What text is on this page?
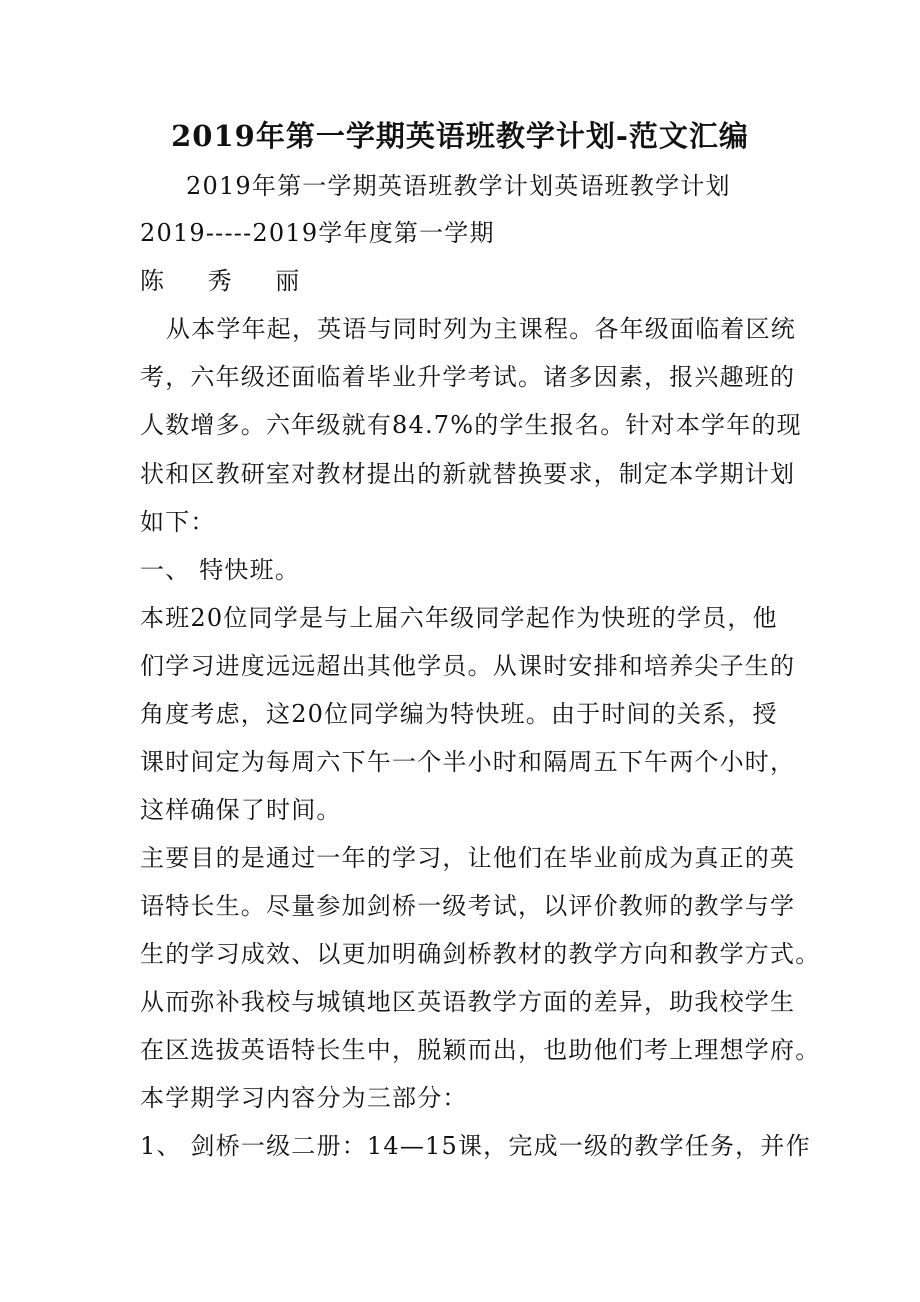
2019年第一学期英语班教学计划-范文汇编
2019年第一学期英语班教学计划英语班教学计划
2019-----2019学年度第一学期
陈 秀 丽
从本学年起，英语与同时列为主课程。各年级面临着区统
考，六年级还面临着毕业升学考试。诸多因素，报兴趣班的
人数增多。六年级就有84.7%的学生报名。针对本学年的现
状和区教研室对教材提出的新就替换要求，制定本学期计划
如下：
一、 特快班。
本班20位同学是与上届六年级同学起作为快班的学员，他
们学习进度远远超出其他学员。从课时安排和培养尖子生的
角度考虑，这20位同学编为特快班。由于时间的关系，授
课时间定为每周六下午一个半小时和隔周五下午两个小时，
这样确保了时间。
主要目的是通过一年的学习，让他们在毕业前成为真正的英
语特长生。尽量参加剑桥一级考试，以评价教师的教学与学
生的学习成效、以更加明确剑桥教材的教学方向和教学方式。
从而弥补我校与城镇地区英语教学方面的差异，助我校学生
在区选拔英语特长生中，脱颖而出，也助他们考上理想学府。
本学期学习内容分为三部分：
1、 剑桥一级二册：14—15课，完成一级的教学任务，并作
